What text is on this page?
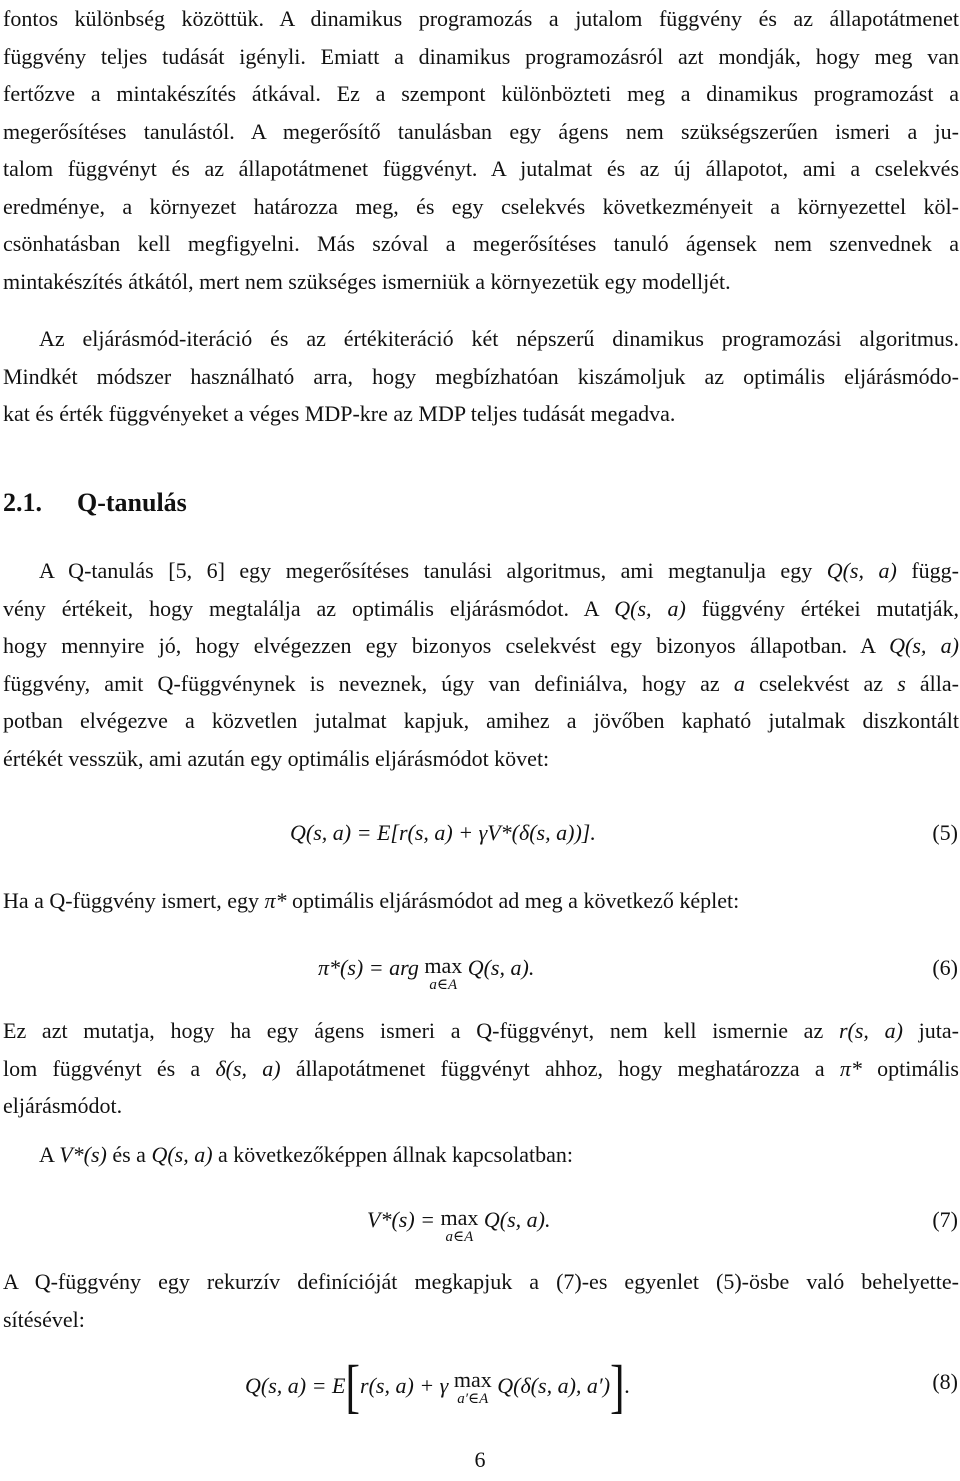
fontos különbség közöttük. A dinamikus programozás a jutalom függvény és az állapotátmenet
függvény teljes tudását igényli. Emiatt a dinamikus programozásról azt mondják, hogy meg van
fertőzve a mintakészítés átkával. Ez a szempont különbözteti meg a dinamikus programozást a
megerősítéses tanulástól. A megerősítő tanulásban egy ágens nem szükségszerűen ismeri a ju-
talom függvényt és az állapotátmenet függvényt. A jutalmat és az új állapotot, ami a cselekvés
eredménye, a környezet határozza meg, és egy cselekvés következményeit a környezettel köl-
csönhatásban kell megfigyelni. Más szóval a megerősítéses tanuló ágensek nem szenvednek a
mintakészítés átkától, mert nem szükséges ismerniük a környezetük egy modelljét.

Az eljárásmód-iteráció és az értékiteráció két népszerű dinamikus programozási algoritmus.
Mindkét módszer használható arra, hogy megbízhatóan kiszámoljuk az optimális eljárásmódo-
kat és érték függvényeket a véges MDP-kre az MDP teljes tudását megadva.

2.1. Q-tanulás

A Q-tanulás [5, 6] egy megerősítéses tanulási algoritmus, ami megtanulja egy Q(s, a) függ-
vény értékeit, hogy megtalálja az optimális eljárásmódot. A Q(s, a) függvény értékei mutatják,
hogy mennyire jó, hogy elvégezzen egy bizonyos cselekvést egy bizonyos állapotban. A Q(s, a)
függvény, amit Q-függvénynek is neveznek, úgy van definiálva, hogy az a cselekvést az s álla-
potban elvégezve a közvetlen jutalmat kapjuk, amihez a jövőben kapható jutalmak diszkontált
értékét vesszük, ami azután egy optimális eljárásmódot követ:

Q(s, a) = E[r(s, a) + γV*(δ(s, a))].	(5)

Ha a Q-függvény ismert, egy π* optimális eljárásmódot ad meg a következő képlet:

π*(s) = arg max
a∈A
Q(s, a).	(6)

Ez azt mutatja, hogy ha egy ágens ismeri a Q-függvényt, nem kell ismernie az r(s, a) juta-
lom függvényt és a δ(s, a) állapotátmenet függvényt ahhoz, hogy meghatározza a π* optimális
eljárásmódot.

A V*(s) és a Q(s, a) a következőképpen állnak kapcsolatban:

V*(s) = max
a∈A
Q(s, a).	(7)

A Q-függvény egy rekurzív definícióját megkapjuk a (7)-es egyenlet (5)-ösbe való behelyette-
sítésével:

Q(s, a) = E[r(s, a) + γ max
a′∈A
Q(δ(s, a), a′)].	(8)
6
